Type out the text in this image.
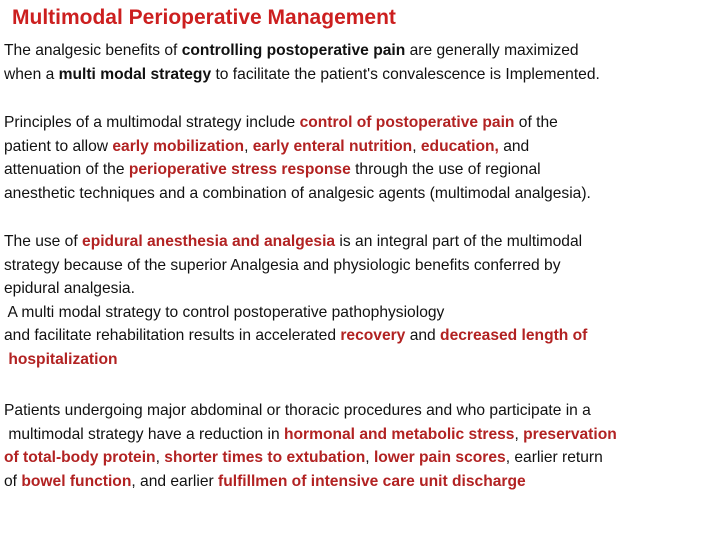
Multimodal Perioperative Management
The analgesic benefits of controlling postoperative pain are generally maximized
when a multi modal strategy to facilitate the patient's convalescence is Implemented.
Principles of a multimodal strategy include control of postoperative pain of the
patient to allow early mobilization, early enteral nutrition, education, and
attenuation of the perioperative stress response through the use of regional
anesthetic techniques and a combination of analgesic agents (multimodal analgesia).
The use of epidural anesthesia and analgesia is an integral part of the multimodal
strategy because of the superior Analgesia and physiologic benefits conferred by
epidural analgesia.
A multi modal strategy to control postoperative pathophysiology
and facilitate rehabilitation results in accelerated recovery and decreased length of
hospitalization
Patients undergoing major abdominal or thoracic procedures and who participate in a
multimodal strategy have a reduction in hormonal and metabolic stress, preservation
of total-body protein, shorter times to extubation, lower pain scores, earlier return
of bowel function, and earlier fulfillmen of intensive care unit discharge
